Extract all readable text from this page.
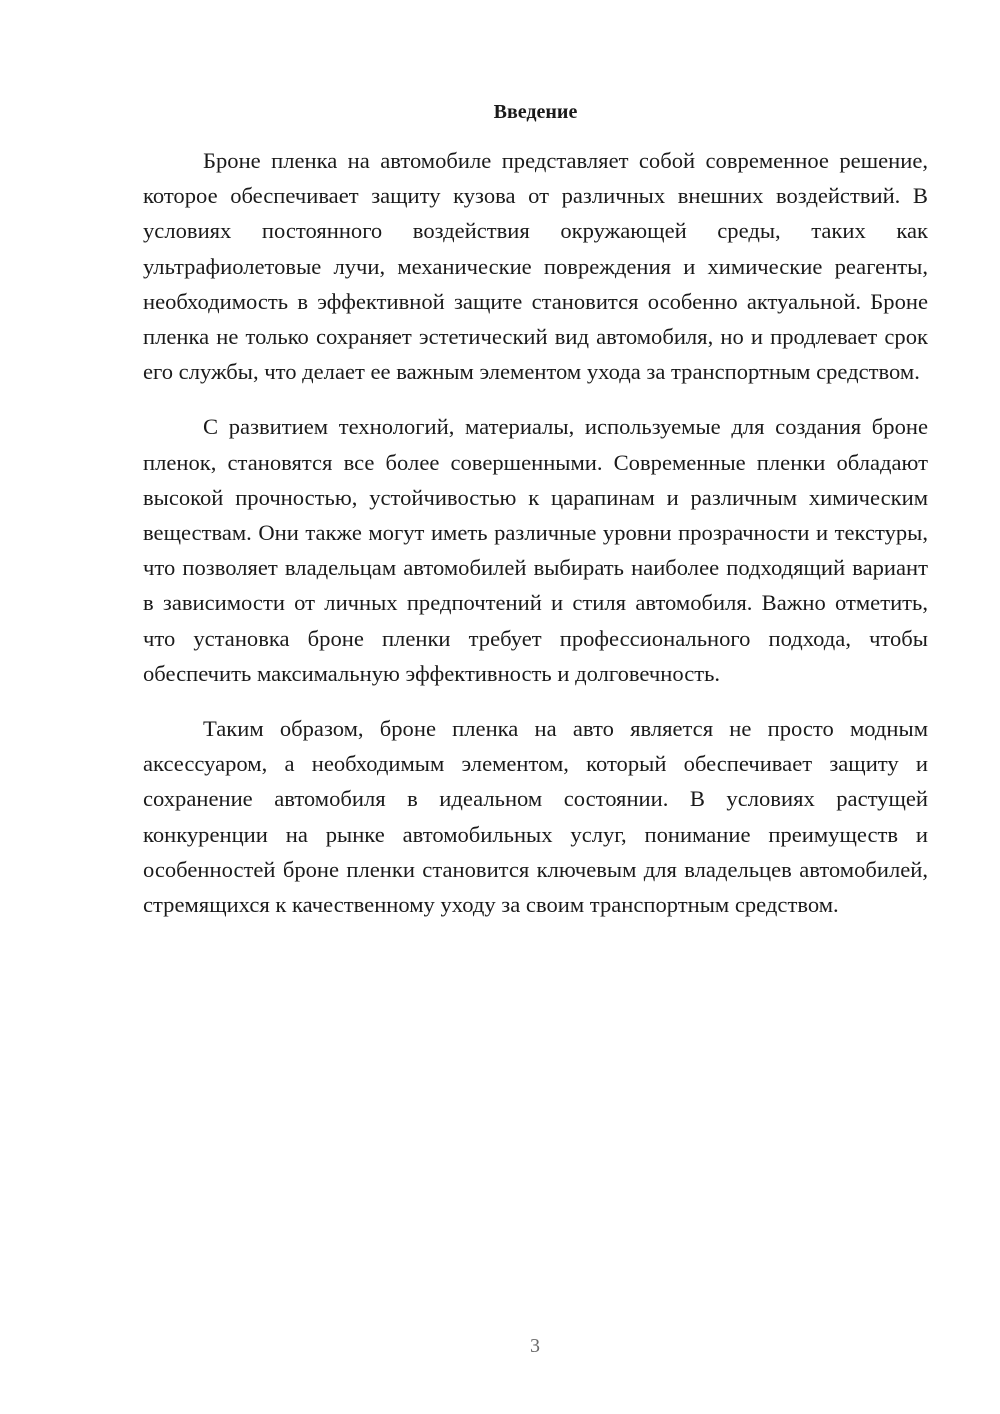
Введение

Броне пленка на автомобиле представляет собой современное решение, которое обеспечивает защиту кузова от различных внешних воздействий. В условиях постоянного воздействия окружающей среды, таких как ультрафиолетовые лучи, механические повреждения и химические реагенты, необходимость в эффективной защите становится особенно актуальной. Броне пленка не только сохраняет эстетический вид автомобиля, но и продлевает срок его службы, что делает ее важным элементом ухода за транспортным средством.

С развитием технологий, материалы, используемые для создания броне пленок, становятся все более совершенными. Современные пленки обладают высокой прочностью, устойчивостью к царапинам и различным химическим веществам. Они также могут иметь различные уровни прозрачности и текстуры, что позволяет владельцам автомобилей выбирать наиболее подходящий вариант в зависимости от личных предпочтений и стиля автомобиля. Важно отметить, что установка броне пленки требует профессионального подхода, чтобы обеспечить максимальную эффективность и долговечность.

Таким образом, броне пленка на авто является не просто модным аксессуаром, а необходимым элементом, который обеспечивает защиту и сохранение автомобиля в идеальном состоянии. В условиях растущей конкуренции на рынке автомобильных услуг, понимание преимуществ и особенностей броне пленки становится ключевым для владельцев автомобилей, стремящихся к качественному уходу за своим транспортным средством.

3
